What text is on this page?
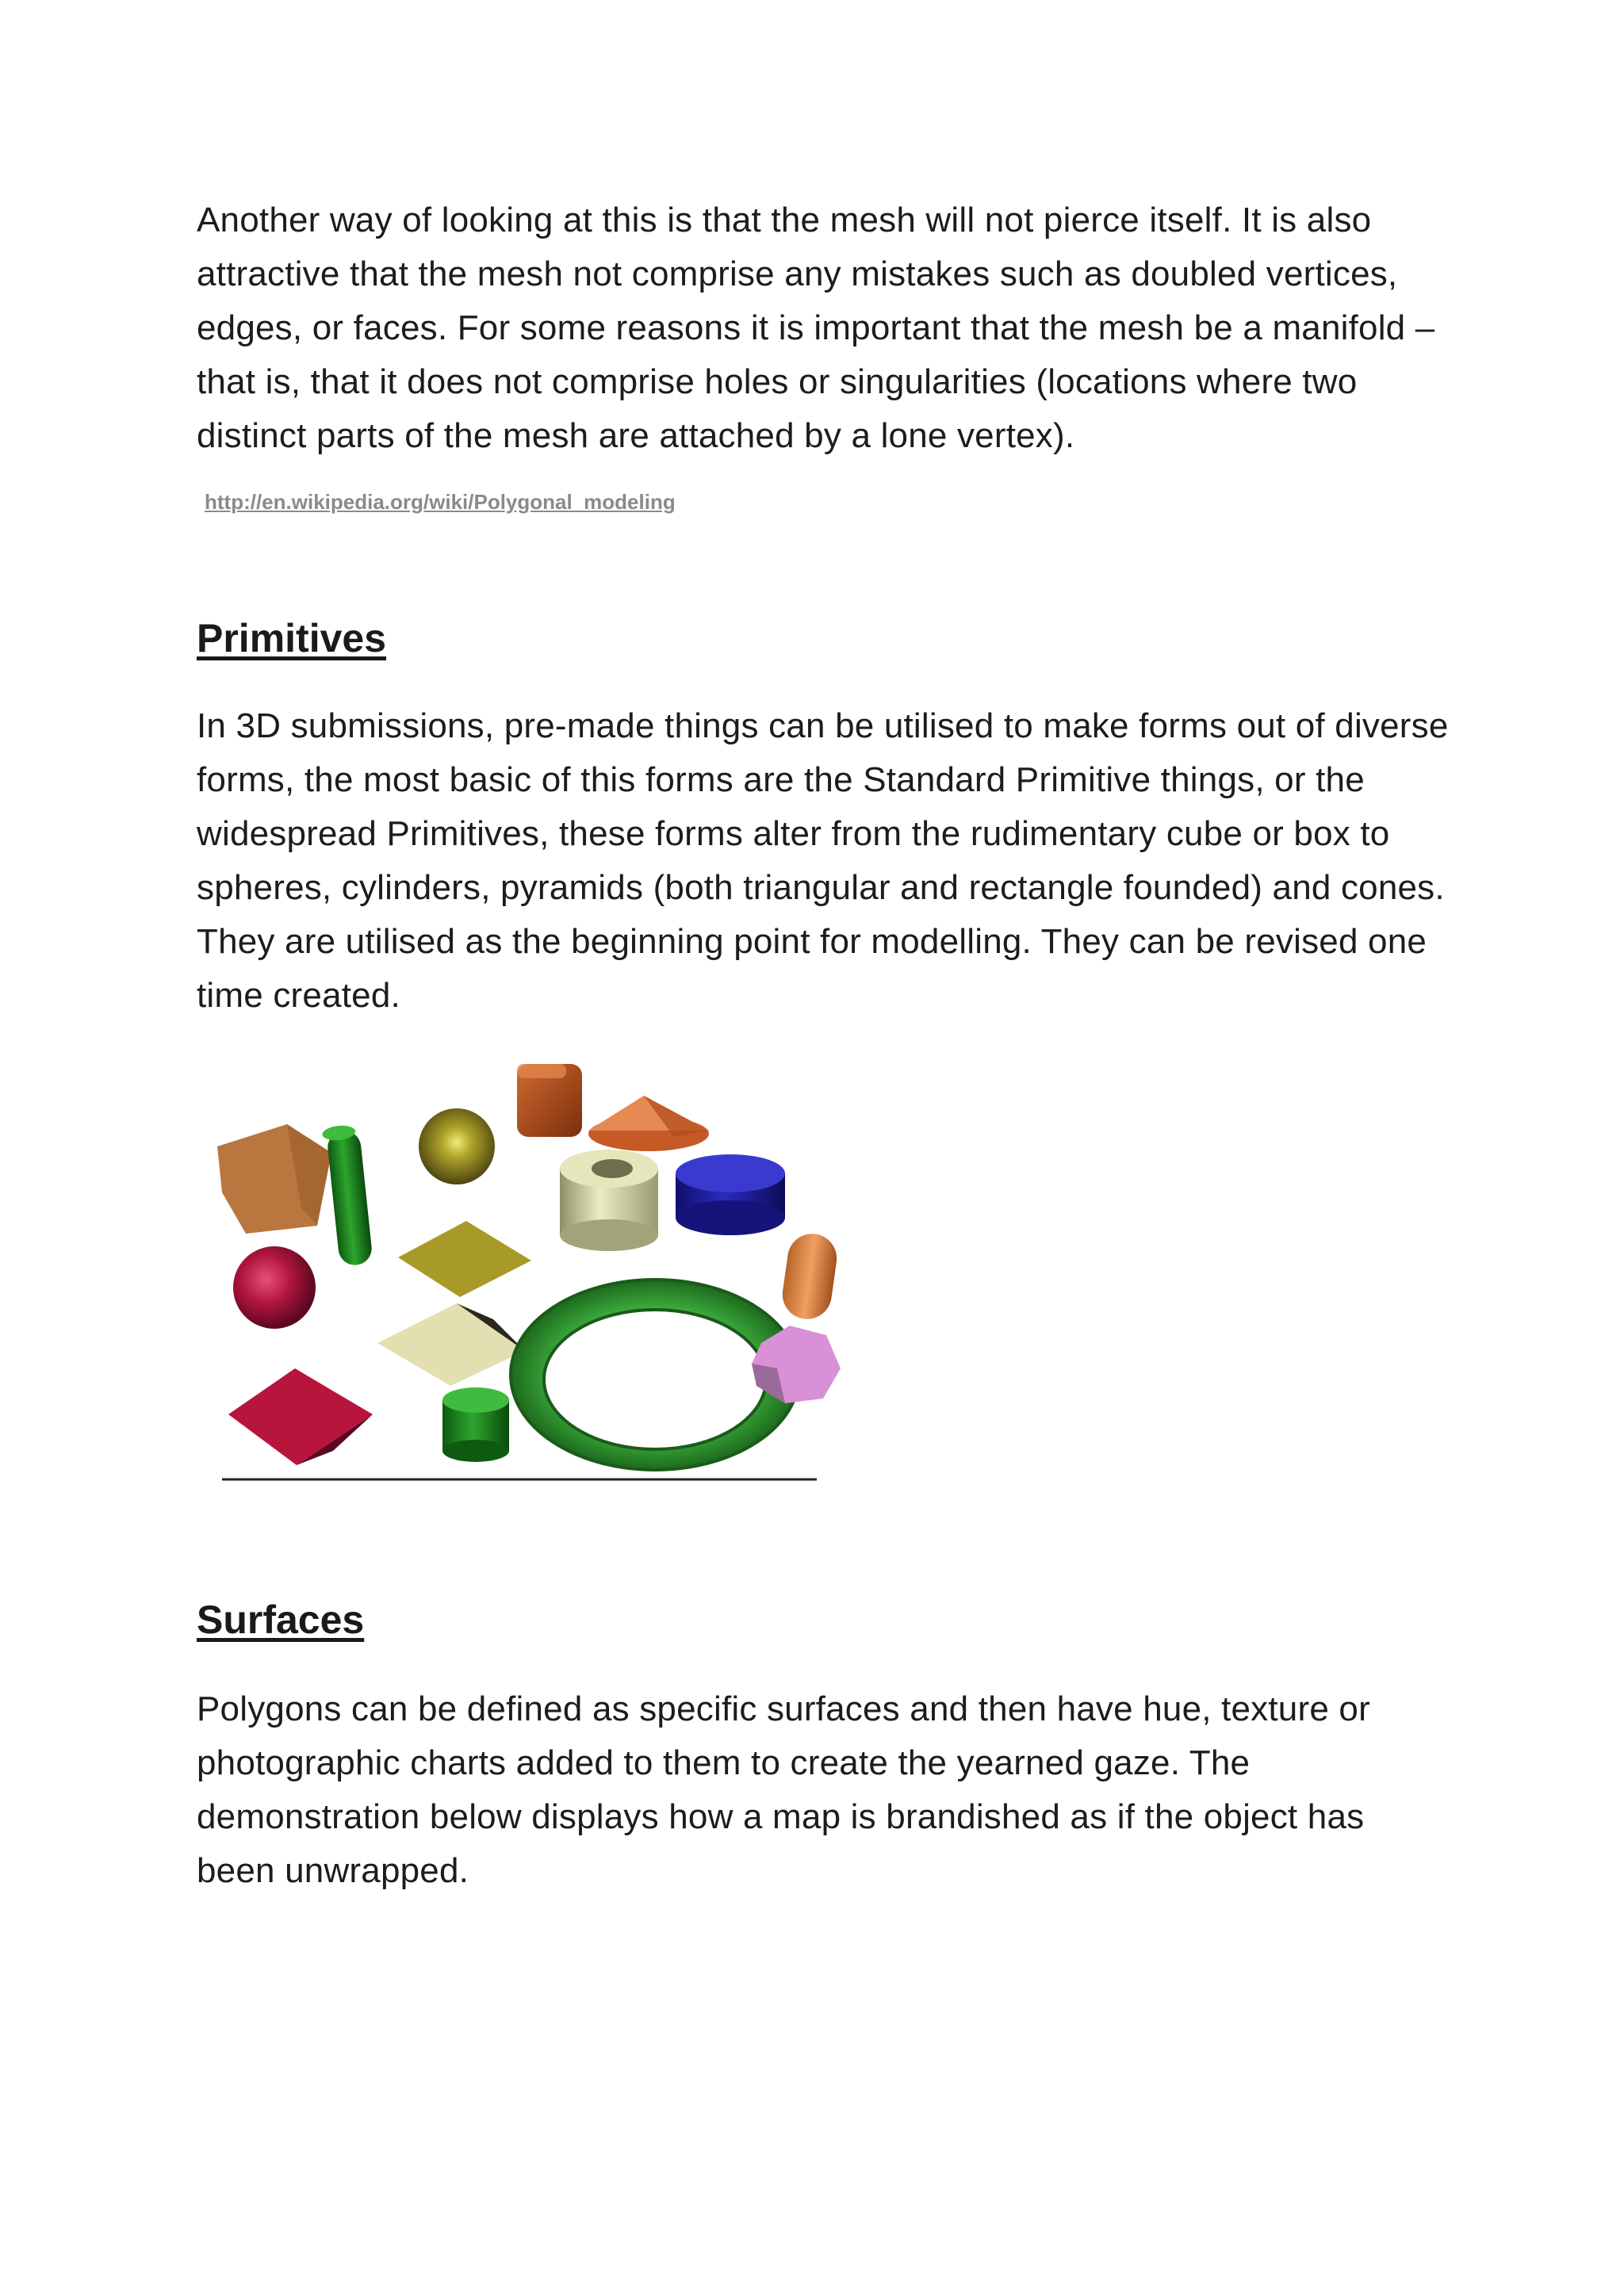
Another way of looking at this is that the mesh will not pierce itself. It is also attractive that the mesh not comprise any mistakes such as doubled vertices, edges, or faces. For some reasons it is important that the mesh be a manifold – that is, that it does not comprise holes or singularities (locations where two distinct parts of the mesh are attached by a lone vertex).

http://en.wikipedia.org/wiki/Polygonal_modeling
Primitives

In 3D submissions, pre-made things can be utilised to make forms out of diverse forms, the most basic of this forms are the Standard Primitive things, or the widespread Primitives, these forms alter from the rudimentary cube or box to spheres, cylinders, pyramids (both triangular and rectangle founded) and cones. They are utilised as the beginning point for modelling. They can be revised one time created.

Surfaces

Polygons can be defined as specific surfaces and then have hue, texture or photographic charts added to them to create the yearned gaze. The demonstration below displays how a map is brandished as if the object has been unwrapped.
